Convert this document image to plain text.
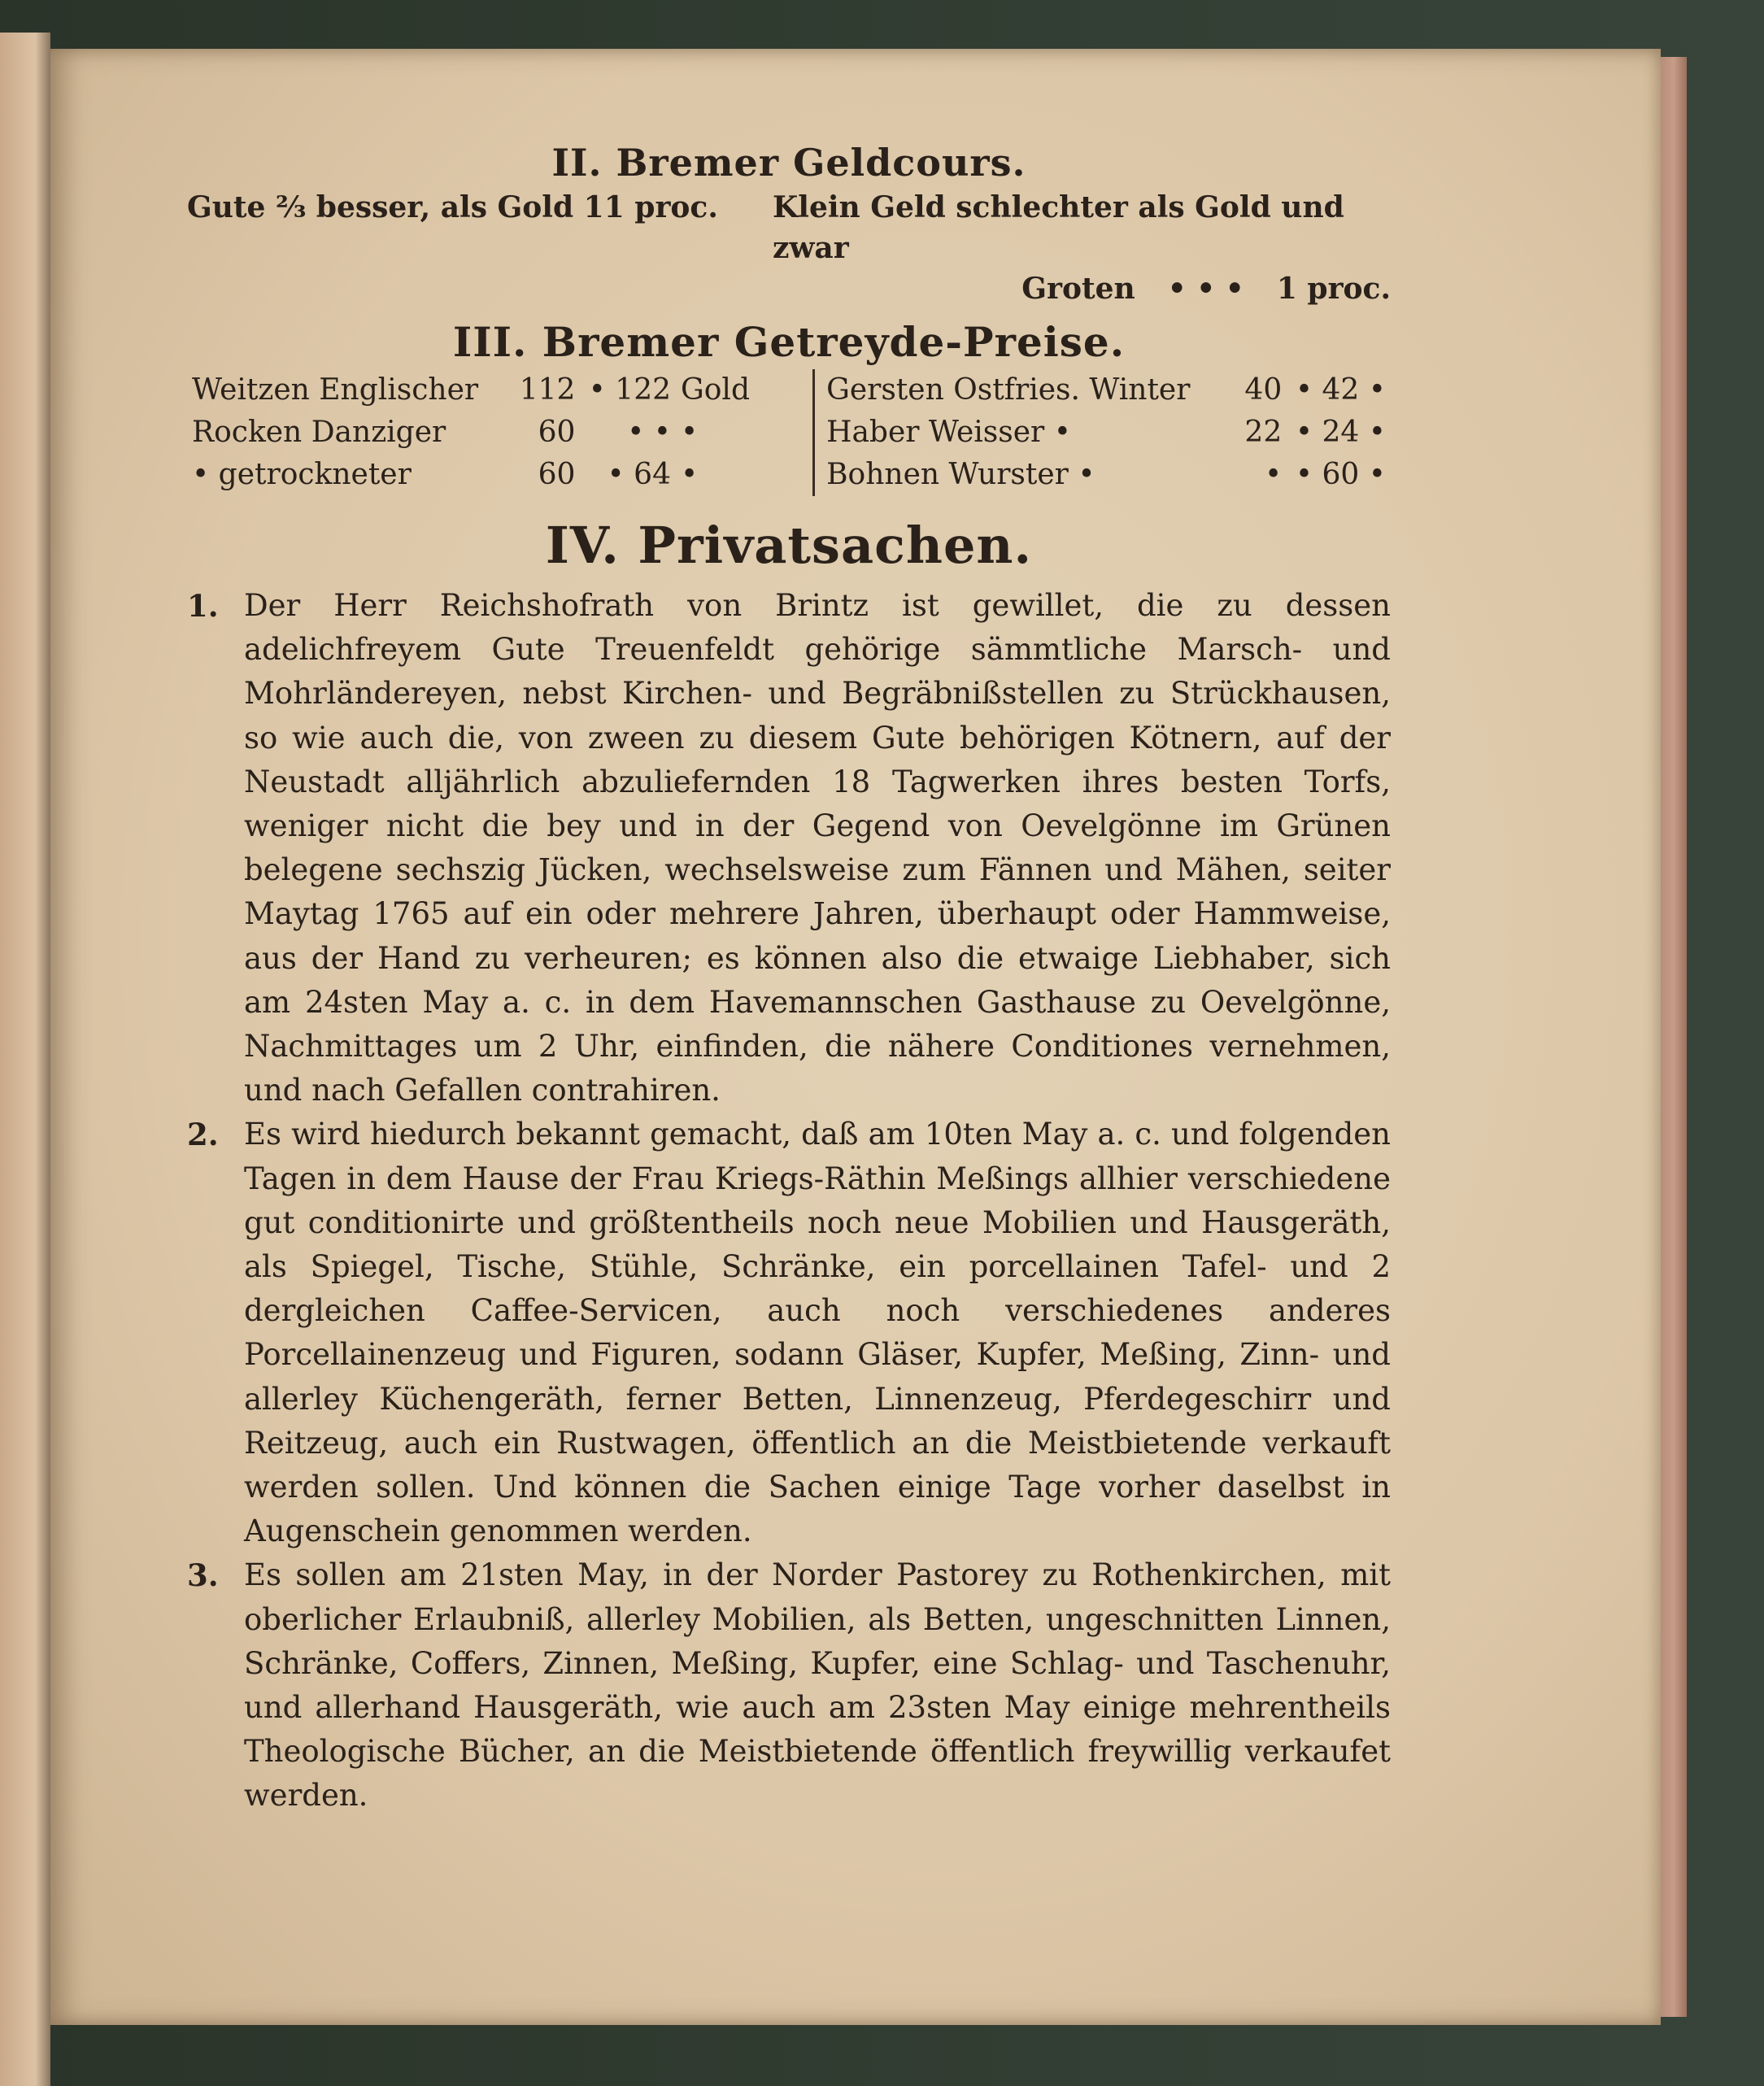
II. Bremer Geldcours.
Gute ⅔ besser, als Gold 11 proc.	Klein Geld schlechter als Gold und zwar
Groten • • • 1 proc.
III. Bremer Getreyde-Preise.
Weitzen Englischer	112	• 122	Gold	Gersten Ostfries. Winter	40	• 42 •
Rocken Danziger	60	• •	•	Haber Weisser •	22	• 24 •
• getrockneter	60	• 64	•	Bohnen Wurster •	•	• 60 •
IV. Privatsachen.
1. Der Herr Reichshofrath von Brintz ist gewillet, die zu dessen adelichfreyem Gute Treuenfeldt gehörige sämmtliche Marsch- und Mohrländereyen, nebst Kirchen- und Begräbnißstellen zu Strückhausen, so wie auch die, von zween zu diesem Gute behörigen Kötnern, auf der Neustadt alljährlich abzuliefernden 18 Tagwerken ihres besten Torfs, weniger nicht die bey und in der Gegend von Oevelgönne im Grünen belegene sechszig Jücken, wechselsweise zum Fännen und Mähen, seiter Maytag 1765 auf ein oder mehrere Jahren, überhaupt oder Hammweise, aus der Hand zu verheuren; es können also die etwaige Liebhaber, sich am 24sten May a. c. in dem Havemannschen Gasthause zu Oevelgönne, Nachmittages um 2 Uhr, einfinden, die nähere Conditiones vernehmen, und nach Gefallen contrahiren.
2. Es wird hiedurch bekannt gemacht, daß am 10ten May a. c. und folgenden Tagen in dem Hause der Frau Kriegs-Räthin Meßings allhier verschiedene gut conditionirte und größtentheils noch neue Mobilien und Hausgeräth, als Spiegel, Tische, Stühle, Schränke, ein porcellainen Tafel- und 2 dergleichen Caffee-Servicen, auch noch verschiedenes anderes Porcellainenzeug und Figuren, sodann Gläser, Kupfer, Meßing, Zinn- und allerley Küchengeräth, ferner Betten, Linnenzeug, Pferdegeschirr und Reitzeug, auch ein Rustwagen, öffentlich an die Meistbietende verkauft werden sollen. Und können die Sachen einige Tage vorher daselbst in Augenschein genommen werden.
3. Es sollen am 21sten May, in der Norder Pastorey zu Rothenkirchen, mit oberlicher Erlaubniß, allerley Mobilien, als Betten, ungeschnitten Linnen, Schränke, Coffers, Zinnen, Meßing, Kupfer, eine Schlag- und Taschenuhr, und allerhand Hausgeräth, wie auch am 23sten May einige mehrentheils Theologische Bücher, an die Meistbietende öffentlich freywillig verkaufet werden.
